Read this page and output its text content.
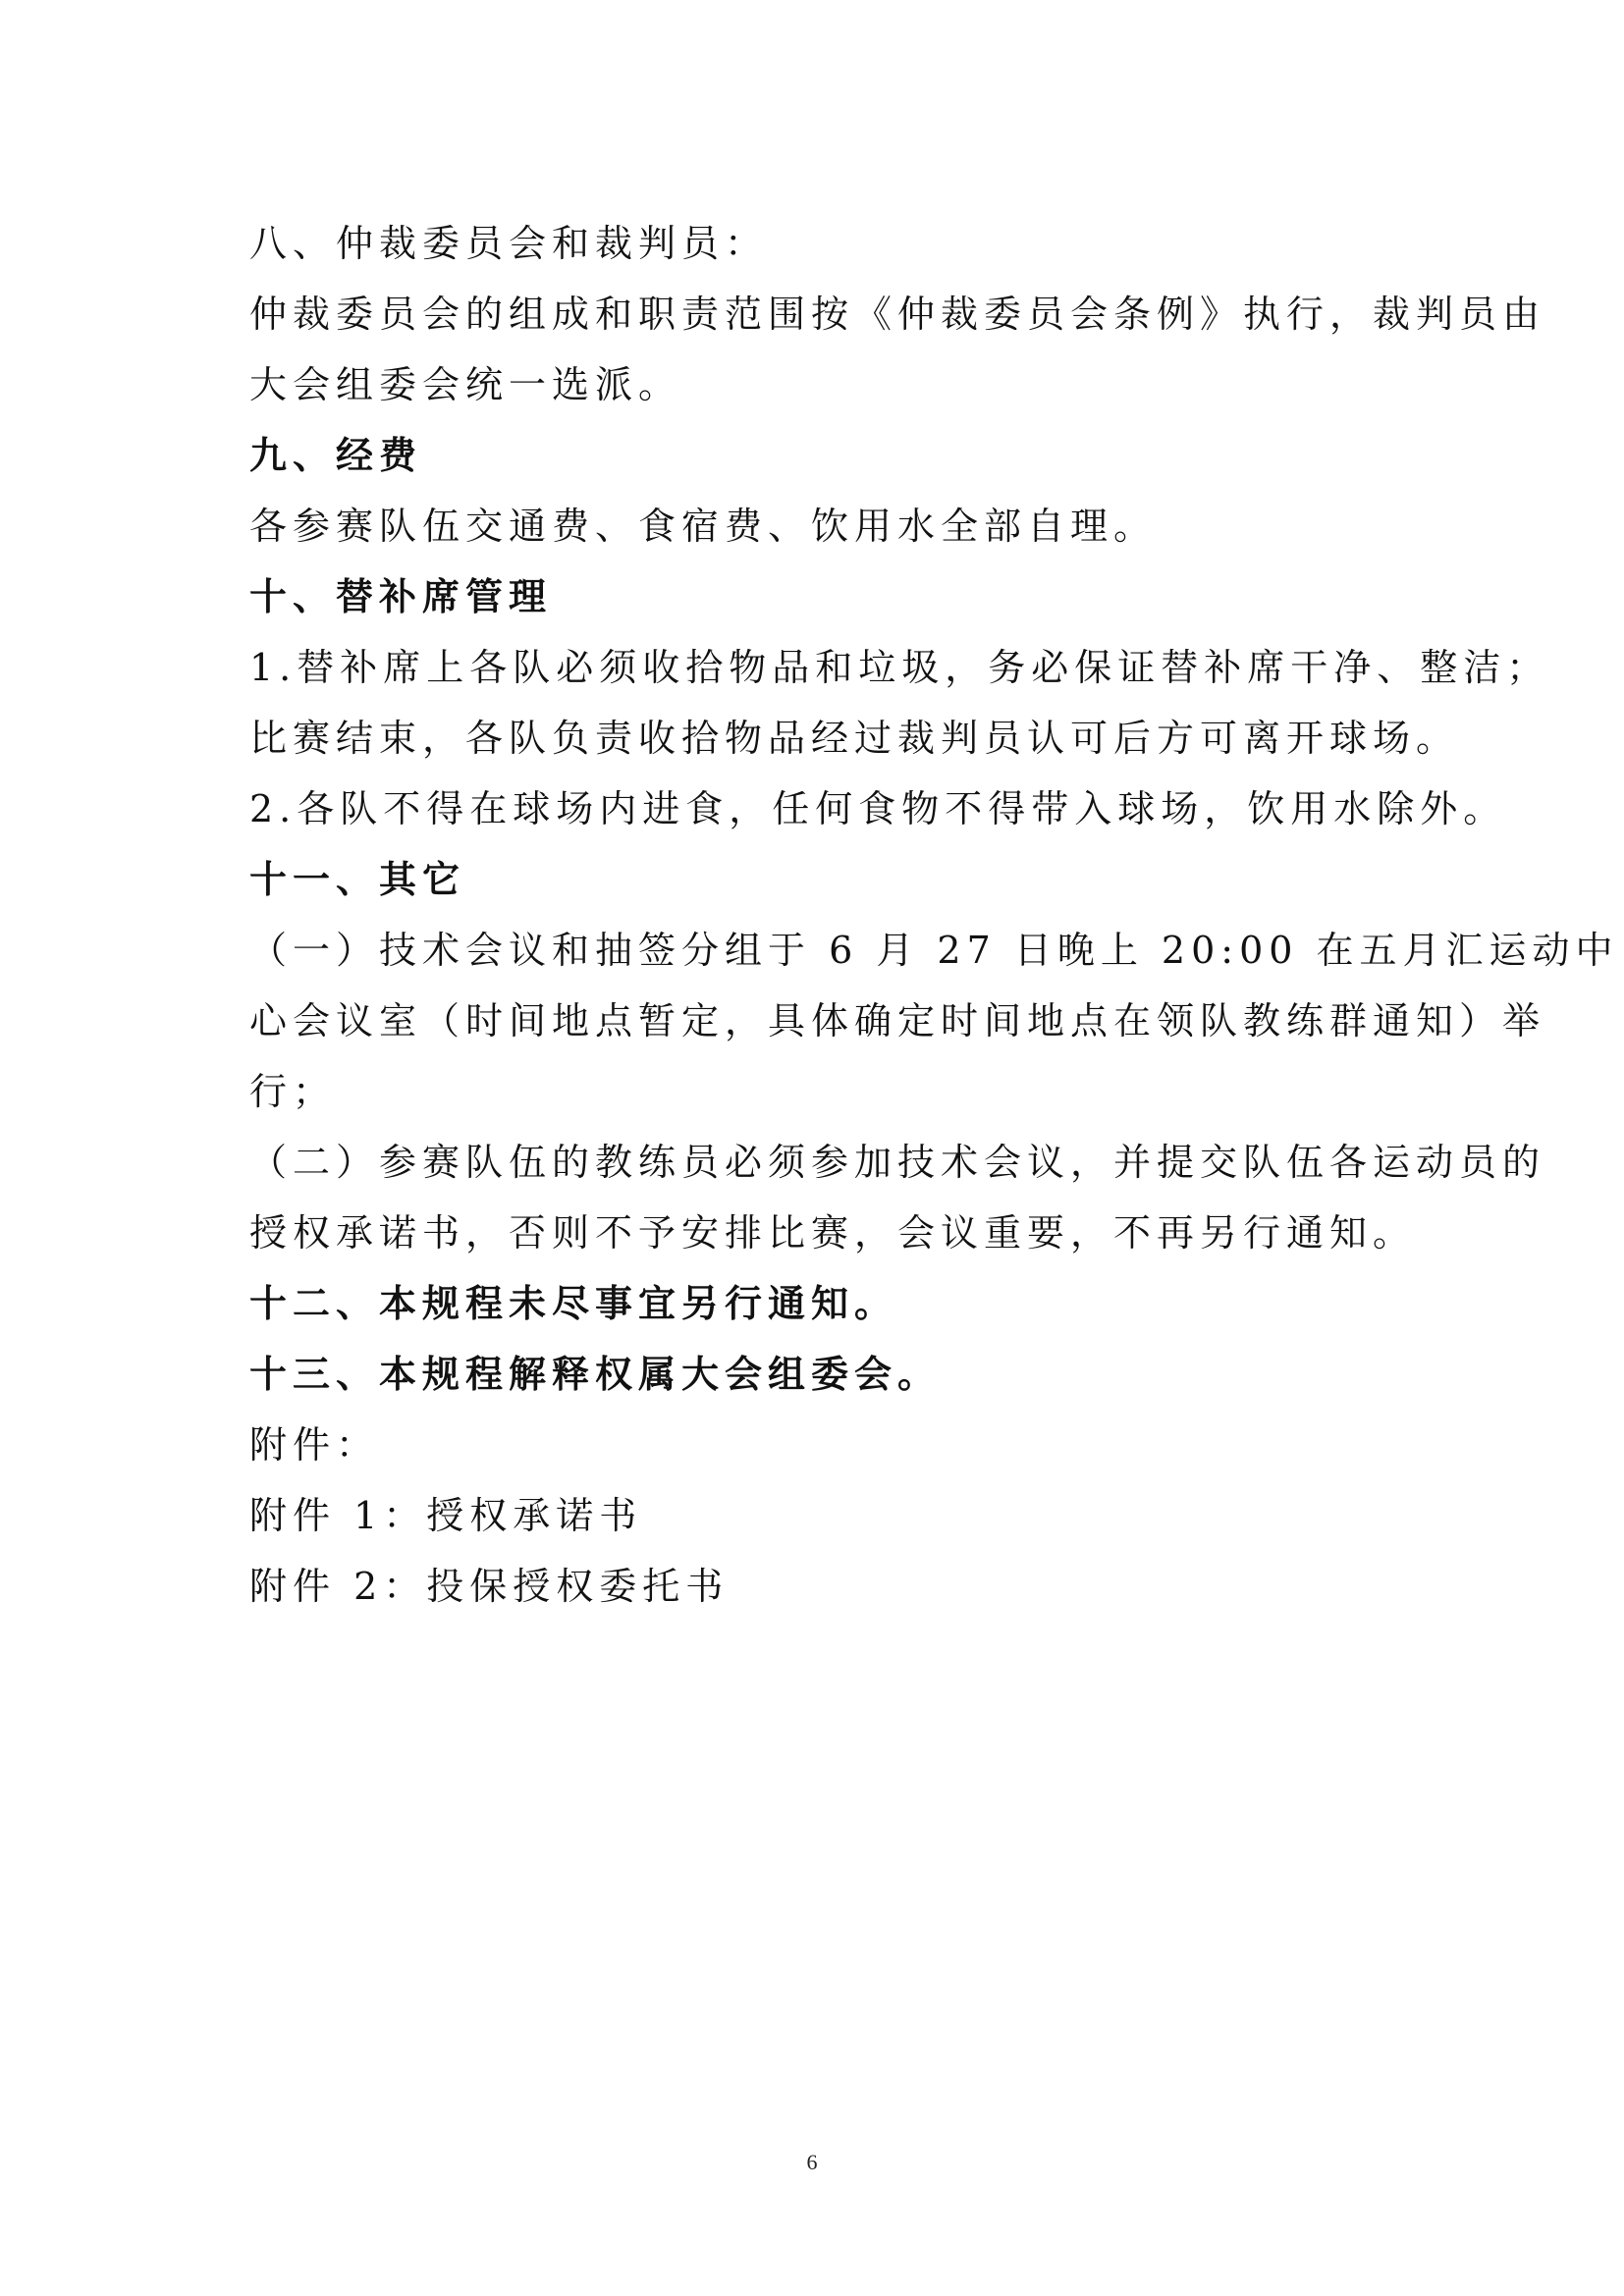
八、仲裁委员会和裁判员：

仲裁委员会的组成和职责范围按《仲裁委员会条例》执行，裁判员由

大会组委会统一选派。

九、经费

各参赛队伍交通费、食宿费、饮用水全部自理。

十、替补席管理

1.替补席上各队必须收拾物品和垃圾，务必保证替补席干净、整洁；

比赛结束，各队负责收拾物品经过裁判员认可后方可离开球场。

2.各队不得在球场内进食，任何食物不得带入球场，饮用水除外。

十一、其它

（一）技术会议和抽签分组于 6 月 27 日晚上 20:00 在五月汇运动中

心会议室（时间地点暂定，具体确定时间地点在领队教练群通知）举

行；

（二）参赛队伍的教练员必须参加技术会议，并提交队伍各运动员的

授权承诺书，否则不予安排比赛，会议重要，不再另行通知。

十二、本规程未尽事宜另行通知。

十三、本规程解释权属大会组委会。

附件：

附件 1：授权承诺书

附件 2：投保授权委托书

6
